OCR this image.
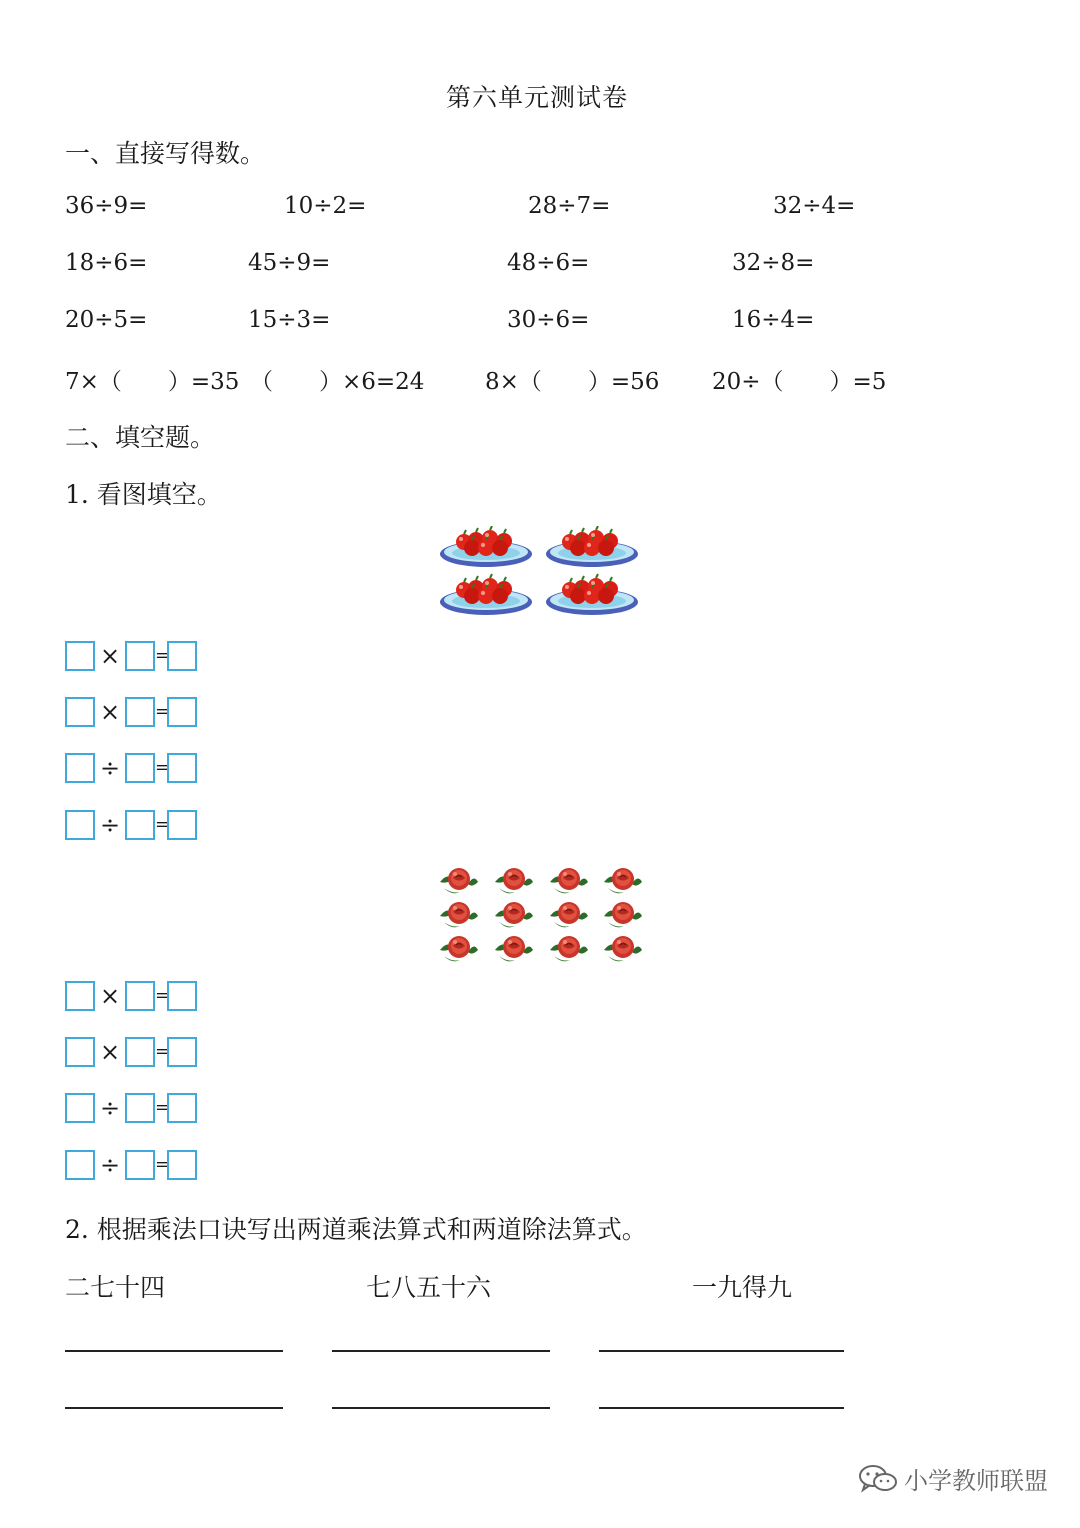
第六单元测试卷
一、直接写得数。
36÷9=	10÷2=	28÷7=	32÷4=
18÷6=	45÷9=	48÷6=	32÷8=
20÷5=	15÷3=	30÷6=	16÷4=
7×（　　）=35 （　　）×6=24	8×（　　）=56 20÷（　　）=5
二、填空题。
1. 看图填空。
× =
× =
÷ =
÷ =
× =
× =
÷ =
÷ =
2. 根据乘法口诀写出两道乘法算式和两道除法算式。
二七十四	七八五十六	一九得九
小学教师联盟
